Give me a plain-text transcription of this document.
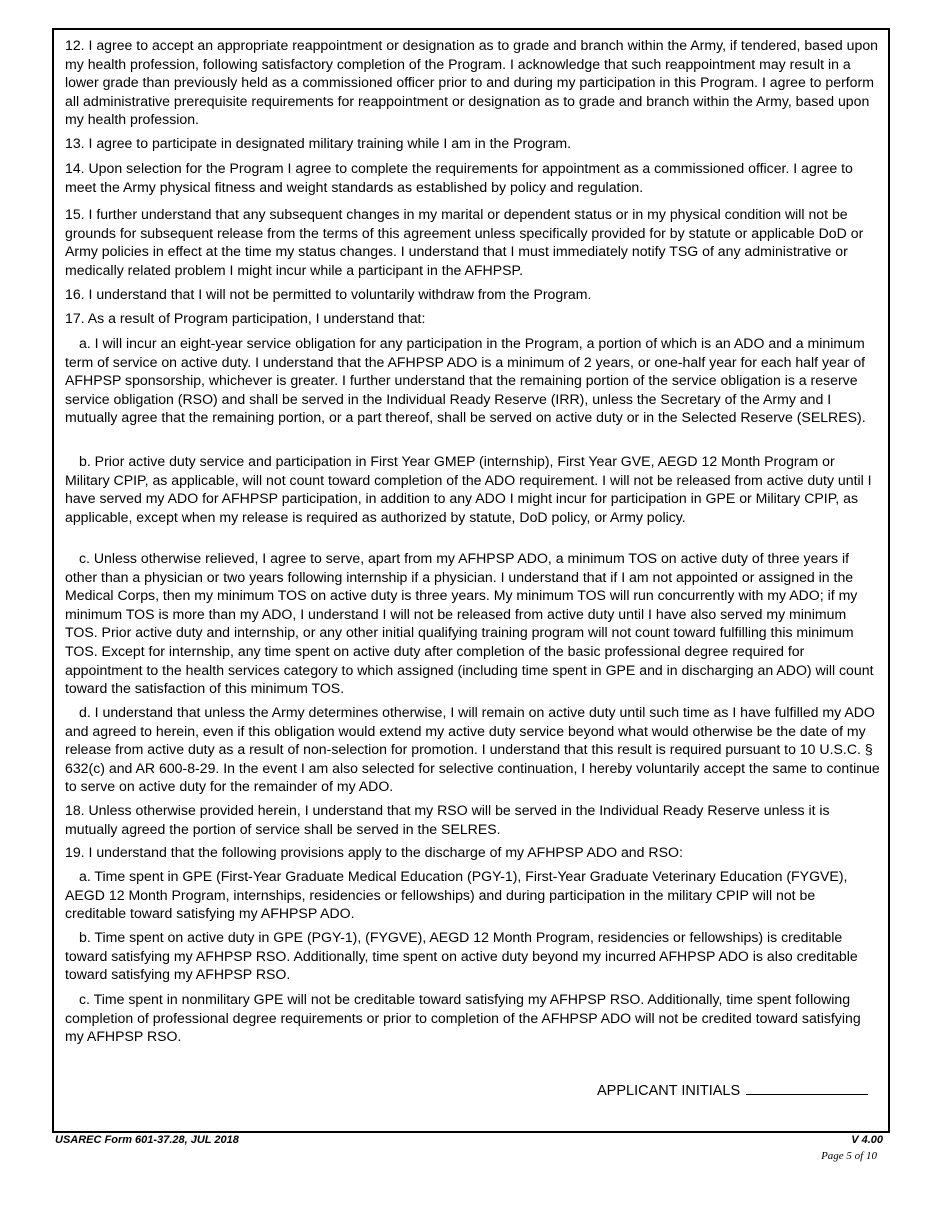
12. I agree to accept an appropriate reappointment or designation as to grade and branch within the Army, if tendered, based upon my health profession, following satisfactory completion of the Program. I acknowledge that such reappointment may result in a lower grade than previously held as a commissioned officer prior to and during my participation in this Program. I agree to perform all administrative prerequisite requirements for reappointment or designation as to grade and branch within the Army, based upon my health profession.

13. I agree to participate in designated military training while I am in the Program.

14. Upon selection for the Program I agree to complete the requirements for appointment as a commissioned officer. I agree to meet the Army physical fitness and weight standards as established by policy and regulation.

15. I further understand that any subsequent changes in my marital or dependent status or in my physical condition will not be grounds for subsequent release from the terms of this agreement unless specifically provided for by statute or applicable DoD or Army policies in effect at the time my status changes. I understand that I must immediately notify TSG of any administrative or medically related problem I might incur while a participant in the AFHPSP.

16. I understand that I will not be permitted to voluntarily withdraw from the Program.

17. As a result of Program participation, I understand that:

a. I will incur an eight-year service obligation for any participation in the Program, a portion of which is an ADO and a minimum term of service on active duty. I understand that the AFHPSP ADO is a minimum of 2 years, or one-half year for each half year of AFHPSP sponsorship, whichever is greater. I further understand that the remaining portion of the service obligation is a reserve service obligation (RSO) and shall be served in the Individual Ready Reserve (IRR), unless the Secretary of the Army and I mutually agree that the remaining portion, or a part thereof, shall be served on active duty or in the Selected Reserve (SELRES).

b. Prior active duty service and participation in First Year GMEP (internship), First Year GVE, AEGD 12 Month Program or Military CPIP, as applicable, will not count toward completion of the ADO requirement. I will not be released from active duty until I have served my ADO for AFHPSP participation, in addition to any ADO I might incur for participation in GPE or Military CPIP, as applicable, except when my release is required as authorized by statute, DoD policy, or Army policy.

c. Unless otherwise relieved, I agree to serve, apart from my AFHPSP ADO, a minimum TOS on active duty of three years if other than a physician or two years following internship if a physician. I understand that if I am not appointed or assigned in the Medical Corps, then my minimum TOS on active duty is three years. My minimum TOS will run concurrently with my ADO; if my minimum TOS is more than my ADO, I understand I will not be released from active duty until I have also served my minimum TOS. Prior active duty and internship, or any other initial qualifying training program will not count toward fulfilling this minimum TOS. Except for internship, any time spent on active duty after completion of the basic professional degree required for appointment to the health services category to which assigned (including time spent in GPE and in discharging an ADO) will count toward the satisfaction of this minimum TOS.

d. I understand that unless the Army determines otherwise, I will remain on active duty until such time as I have fulfilled my ADO and agreed to herein, even if this obligation would extend my active duty service beyond what would otherwise be the date of my release from active duty as a result of non-selection for promotion. I understand that this result is required pursuant to 10 U.S.C. § 632(c) and AR 600-8-29. In the event I am also selected for selective continuation, I hereby voluntarily accept the same to continue to serve on active duty for the remainder of my ADO.

18. Unless otherwise provided herein, I understand that my RSO will be served in the Individual Ready Reserve unless it is mutually agreed the portion of service shall be served in the SELRES.

19. I understand that the following provisions apply to the discharge of my AFHPSP ADO and RSO:

a. Time spent in GPE (First-Year Graduate Medical Education (PGY-1), First-Year Graduate Veterinary Education (FYGVE), AEGD 12 Month Program, internships, residencies or fellowships) and during participation in the military CPIP will not be creditable toward satisfying my AFHPSP ADO.

b. Time spent on active duty in GPE (PGY-1), (FYGVE), AEGD 12 Month Program, residencies or fellowships) is creditable toward satisfying my AFHPSP RSO. Additionally, time spent on active duty beyond my incurred AFHPSP ADO is also creditable toward satisfying my AFHPSP RSO.

c. Time spent in nonmilitary GPE will not be creditable toward satisfying my AFHPSP RSO. Additionally, time spent following completion of professional degree requirements or prior to completion of the AFHPSP ADO will not be credited toward satisfying my AFHPSP RSO.

APPLICANT INITIALS
USAREC Form 601-37.28, JUL 2018	V 4.00
Page 5 of 10
